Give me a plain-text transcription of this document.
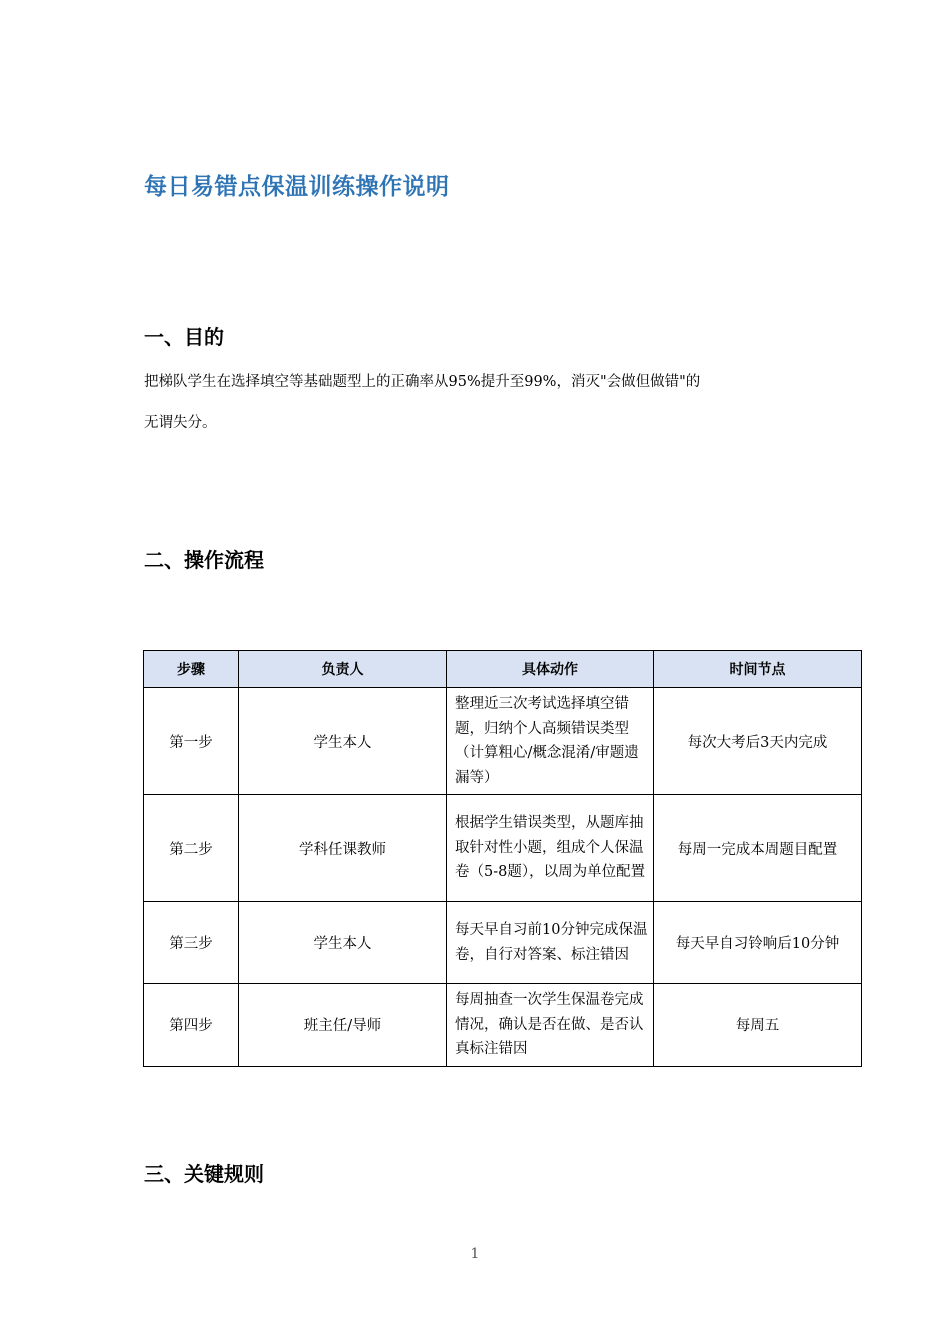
每日易错点保温训练操作说明
一、目的

把梯队学生在选择填空等基础题型上的正确率从95%提升至99%，消灭"会做但做错"的

无谓失分。

二、操作流程
步骤	负责人	具体动作	时间节点
第一步	学生本人	整理近三次考试选择填空错题，归纳个人高频错误类型（计算粗心/概念混淆/审题遗漏等）	每次大考后3天内完成
第二步	学科任课教师	根据学生错误类型，从题库抽取针对性小题，组成个人保温卷（5-8题），以周为单位配置	每周一完成本周题目配置
第三步	学生本人	每天早自习前10分钟完成保温卷，自行对答案、标注错因	每天早自习铃响后10分钟
第四步	班主任/导师	每周抽查一次学生保温卷完成情况，确认是否在做、是否认真标注错因	每周五
三、关键规则
1
